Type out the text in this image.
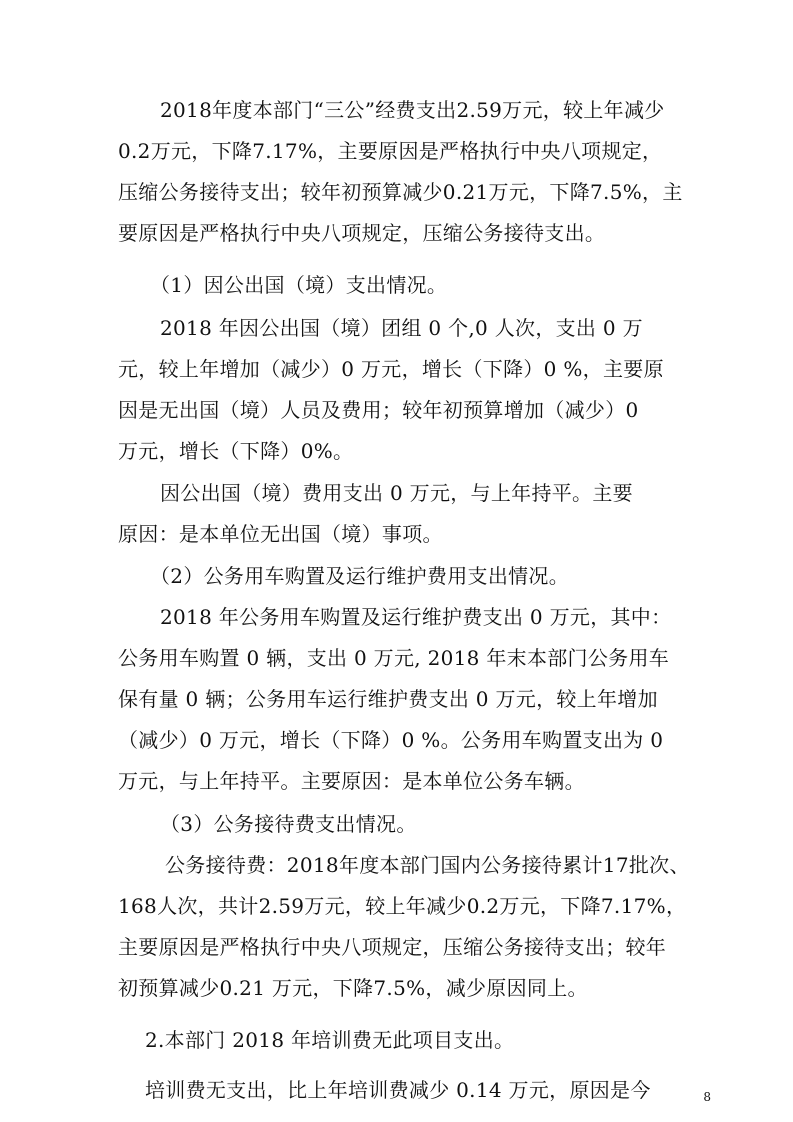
2018年度本部门“三公”经费支出2.59万元，较上年减少
0.2万元，下降7.17%，主要原因是严格执行中央八项规定，
压缩公务接待支出；较年初预算减少0.21万元，下降7.5%，主
要原因是严格执行中央八项规定，压缩公务接待支出。
（1）因公出国（境）支出情况。
2018 年因公出国（境）团组 0 个,0 人次，支出 0 万
元，较上年增加（减少）0 万元，增长（下降）0 %，主要原
因是无出国（境）人员及费用；较年初预算增加（减少）0
万元，增长（下降）0%。
因公出国（境）费用支出 0 万元，与上年持平。主要
原因：是本单位无出国（境）事项。
（2）公务用车购置及运行维护费用支出情况。
2018 年公务用车购置及运行维护费支出 0 万元，其中：
公务用车购置 0 辆，支出 0 万元, 2018 年末本部门公务用车
保有量 0 辆；公务用车运行维护费支出 0 万元，较上年增加
（减少）0 万元，增长（下降）0 %。公务用车购置支出为 0
万元，与上年持平。主要原因：是本单位公务车辆。
（3）公务接待费支出情况。
公务接待费：2018年度本部门国内公务接待累计17批次、
168人次，共计2.59万元，较上年减少0.2万元，下降7.17%，
主要原因是严格执行中央八项规定，压缩公务接待支出；较年
初预算减少0.21 万元，下降7.5%，减少原因同上。
2.本部门 2018 年培训费无此项目支出。
培训费无支出，比上年培训费减少 0.14 万元，原因是今	8
